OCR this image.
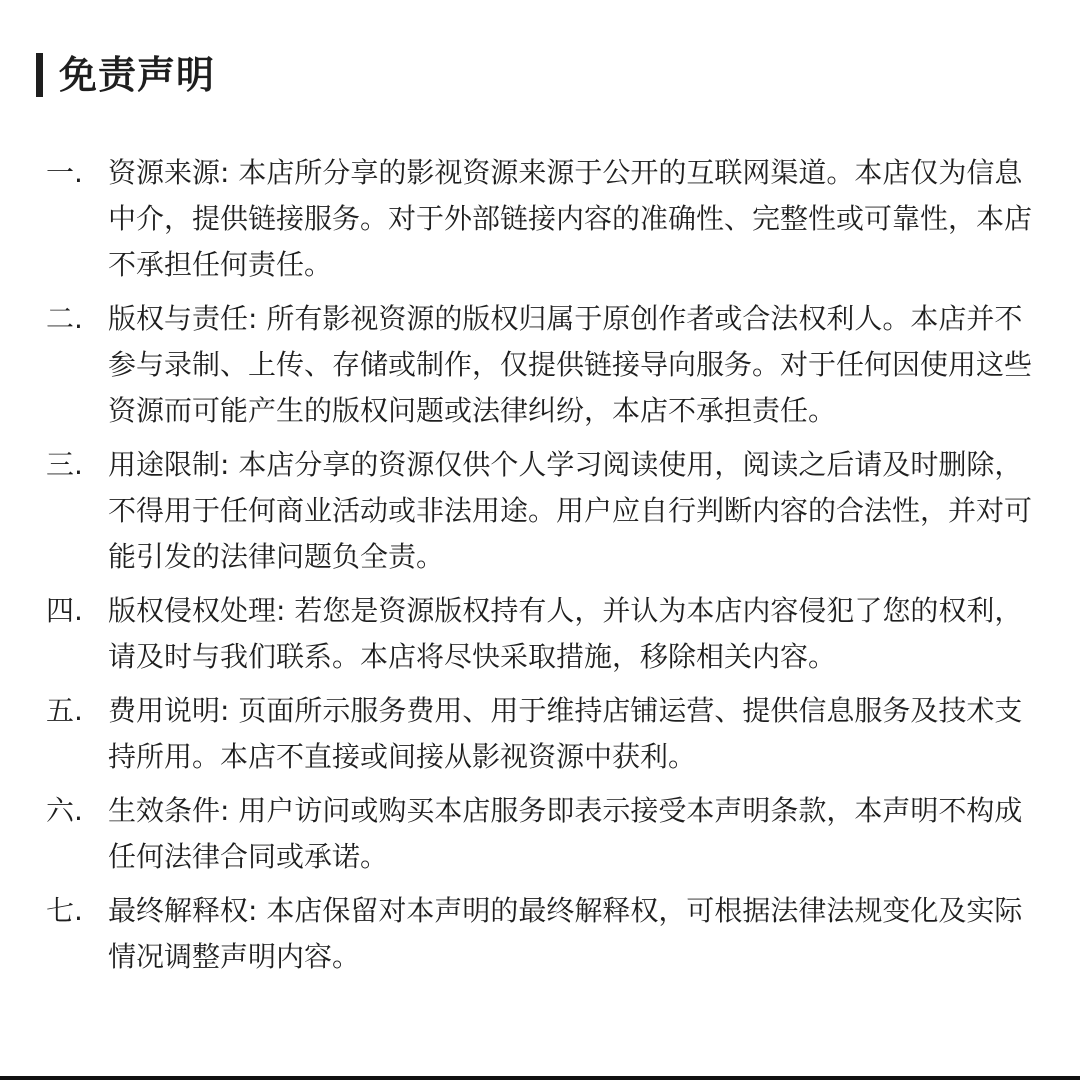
免责声明
一. 资源来源: 本店所分享的影视资源来源于公开的互联网渠道。本店仅为信息中介，提供链接服务。对于外部链接内容的准确性、完整性或可靠性，本店不承担任何责任。
二. 版权与责任: 所有影视资源的版权归属于原创作者或合法权利人。本店并不参与录制、上传、存储或制作，仅提供链接导向服务。对于任何因使用这些资源而可能产生的版权问题或法律纠纷，本店不承担责任。
三. 用途限制: 本店分享的资源仅供个人学习阅读使用，阅读之后请及时删除，不得用于任何商业活动或非法用途。用户应自行判断内容的合法性，并对可能引发的法律问题负全责。
四. 版权侵权处理: 若您是资源版权持有人，并认为本店内容侵犯了您的权利，请及时与我们联系。本店将尽快采取措施，移除相关内容。
五. 费用说明: 页面所示服务费用、用于维持店铺运营、提供信息服务及技术支持所用。本店不直接或间接从影视资源中获利。
六. 生效条件: 用户访问或购买本店服务即表示接受本声明条款，本声明不构成任何法律合同或承诺。
七. 最终解释权: 本店保留对本声明的最终解释权，可根据法律法规变化及实际情况调整声明内容。
